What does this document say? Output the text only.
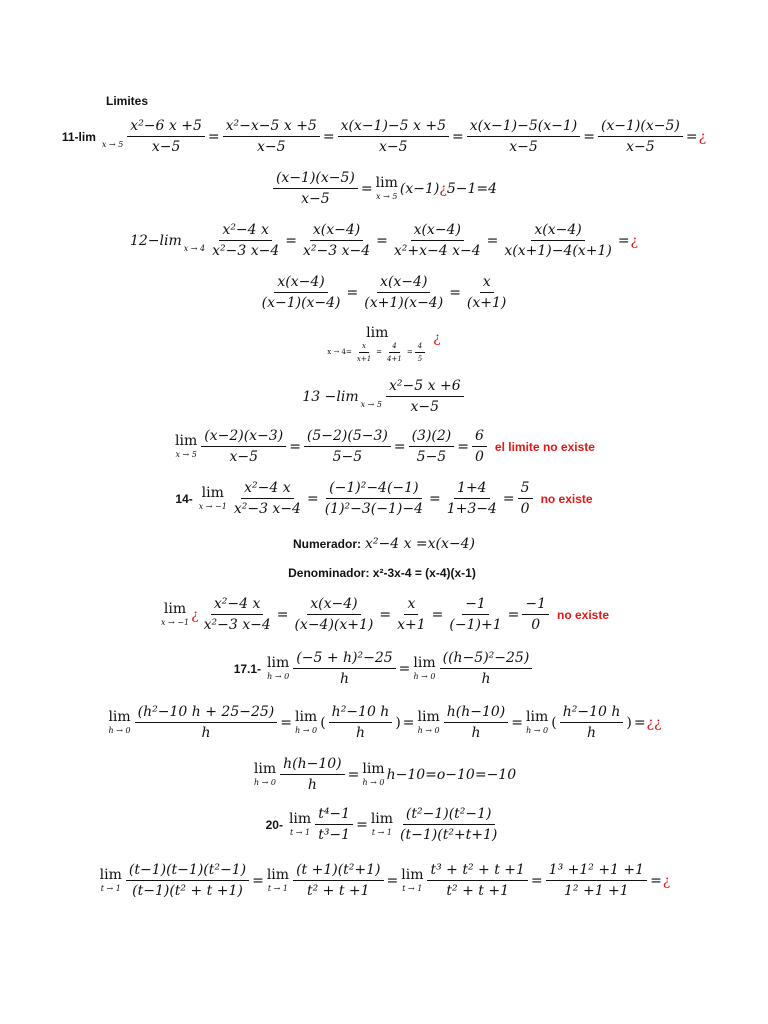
Limites
11-lim

$x \to 5 \frac{\text{x²−6 x +5}}{x-5} = \frac{\text{x²−x−5 x +5}}{x-5} = \frac{x(x-1)-5 x +5}{x-5} = \frac{x(x-1)-5(x-1)}{x-5} = \frac{(x-1)(x-5)}{x-5}$ = ¿
$\frac{(x-1)(x-5)}{x-5} = \lim$
x → 5 (x−1) ¿ 5−1=4
12−lim
$x \to 4 \frac{\text{x²−4 x}}{\text{x²−3 x−4}} = \frac{x(x-4)}{\text{x²−3 x−4}} = \frac{x(x-4)}{\text{x²+x−4 x−4}} = \frac{x(x-4)}{x(x+1)-4(x+1)}$ = ¿
$\frac{x(x-4)}{(x-1)(x-4)} = \frac{x(x-4)}{(x+1)(x-4)} = \frac{x}{(x+1)}$
lim
$x \to 4= \frac{x}{x+1} = \frac{4}{4+1} = \frac{4}{5}$
¿
13 −lim
$x \to 5 \frac{\text{x²−5 x +6}}{x-5}$
lim
$x \to 5 \frac{(x-2)(x-3)}{x-5} = \frac{(5-2)(5-3)}{5-5} = \frac{(3)(2)}{5-5} = \frac{6}{0}$ el limite no existe
14- lim
$x \to -1 \frac{\text{x²−4 x}}{\text{x²−3 x−4}} = \frac{\text{(−1)²−4(−1)}}{\text{(1)²−3(−1)−4}} = \frac{1+4}{1+3-4} = \frac{5}{0}$ no existe
Numerador: x²−4 x =x(x−4)
Denominador: x²-3x-4 = (x-4)(x-1)
lim
x → −1 ¿ $\frac{\text{x²−4 x}}{\text{x²−3 x−4}} = \frac{x(x-4)}{(x-4)(x+1)} = \frac{x}{x+1} = \frac{-1}{(-1)+1} = \frac{-1}{0}$ no existe
17.1- lim
$h \to 0 \frac{\text{(−5 + h)²−25}}{h} = \lim$
$h \to 0 \frac{\text{((h−5)²−25)}}{h}$
lim
$h \to 0 \frac{\text{(h²−10 h + 25−25)}}{h} = \lim$
h → 0 ( $\frac{\text{h²−10 h}}{h}$ ) = lim
$h \to 0 \frac{h(h-10)}{h} = \lim$
h → 0 ( $\frac{\text{h²−10 h}}{h}$ ) = ¿¿
lim
$h \to 0 \frac{h(h-10)}{h} = \lim$
h → 0 h−10=o−10=−10
20- lim
$t \to 1 \frac{\text{t⁴−1}}{\text{t³−1}} = \lim$
$t \to 1 \frac{\text{(t²−1)(t²−1)}}{\text{(t−1)(t²+t+1)}}$
lim
$t \to 1 \frac{\text{(t−1)(t−1)(t²−1)}}{\text{(t−1)(t² + t +1)}} = \lim$
$t \to 1 \frac{\text{(t +1)(t²+1)}}{\text{t² + t +1}} = \lim$
$t \to 1 \frac{\text{t³ + t² + t +1}}{\text{t² + t +1}} = \frac{\text{1³ +1² +1 +1}}{\text{1² +1 +1}}$ = ¿
